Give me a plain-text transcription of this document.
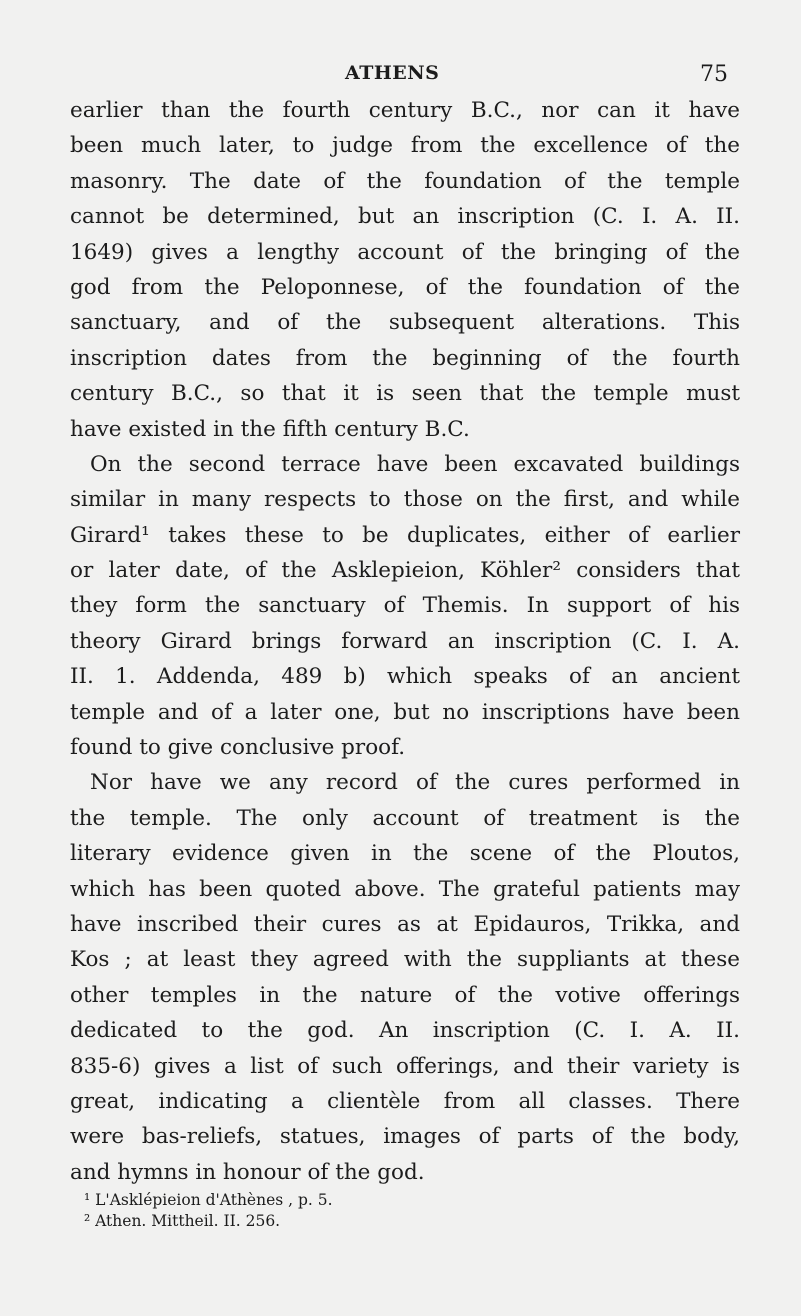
ATHENS	75
earlier than the fourth century B.C., nor can it have
been much later, to judge from the excellence of the
masonry. The date of the foundation of the temple
cannot be determined, but an inscription (C. I. A. II.
1649) gives a lengthy account of the bringing of the
god from the Peloponnese, of the foundation of the
sanctuary, and of the subsequent alterations. This
inscription dates from the beginning of the fourth
century B.C., so that it is seen that the temple must
have existed in the fifth century B.C.
On the second terrace have been excavated buildings
similar in many respects to those on the first, and while
Girard¹ takes these to be duplicates, either of earlier
or later date, of the Asklepieion, Köhler² considers that
they form the sanctuary of Themis. In support of his
theory Girard brings forward an inscription (C. I. A.
II. 1. Addenda, 489 b) which speaks of an ancient
temple and of a later one, but no inscriptions have been
found to give conclusive proof.
Nor have we any record of the cures performed in
the temple. The only account of treatment is the
literary evidence given in the scene of the Ploutos,
which has been quoted above. The grateful patients may
have inscribed their cures as at Epidauros, Trikka, and
Kos ; at least they agreed with the suppliants at these
other temples in the nature of the votive offerings
dedicated to the god. An inscription (C. I. A. II.
835-6) gives a list of such offerings, and their variety is
great, indicating a clientèle from all classes. There
were bas-reliefs, statues, images of parts of the body,
and hymns in honour of the god.
¹ L'Asklépieion d'Athènes , p. 5.
² Athen. Mittheil. II. 256.
